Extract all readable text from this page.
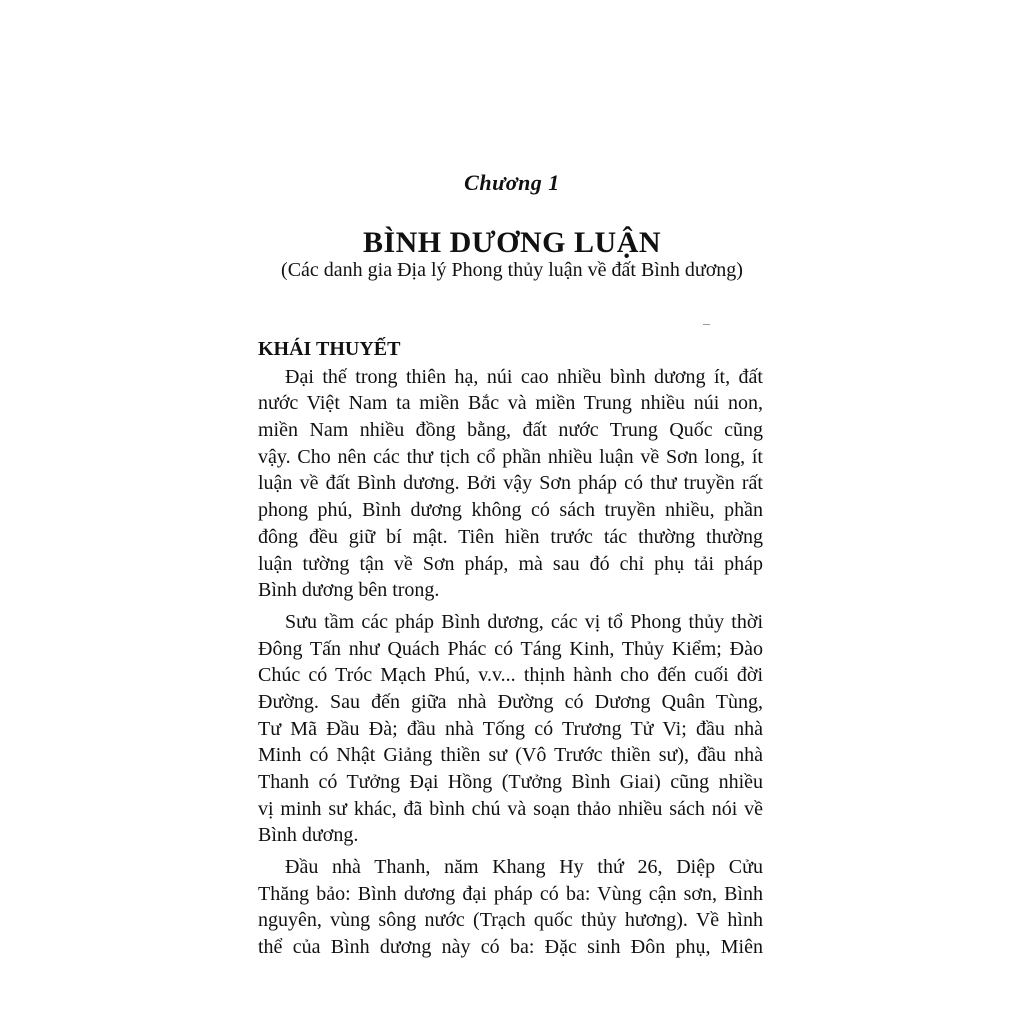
Chương 1
BÌNH DƯƠNG LUẬN
(Các danh gia Địa lý Phong thủy luận về đất Bình dương)
KHÁI THUYẾT
Đại thế trong thiên hạ, núi cao nhiều bình dương ít, đất
nước Việt Nam ta miền Bắc và miền Trung nhiều núi non,
miền Nam nhiều đồng bằng, đất nước Trung Quốc cũng
vậy. Cho nên các thư tịch cổ phần nhiều luận về Sơn long, ít
luận về đất Bình dương. Bởi vậy Sơn pháp có thư truyền rất
phong phú, Bình dương không có sách truyền nhiều, phần
đông đều giữ bí mật. Tiên hiền trước tác thường thường
luận tường tận về Sơn pháp, mà sau đó chỉ phụ tải pháp
Bình dương bên trong.
Sưu tầm các pháp Bình dương, các vị tổ Phong thủy thời
Đông Tấn như Quách Phác có Táng Kinh, Thủy Kiểm; Đào
Chúc có Tróc Mạch Phú, v.v... thịnh hành cho đến cuối đời
Đường. Sau đến giữa nhà Đường có Dương Quân Tùng,
Tư Mã Đầu Đà; đầu nhà Tống có Trương Tử Vi; đầu nhà
Minh có Nhật Giảng thiền sư (Vô Trước thiền sư), đầu nhà
Thanh có Tưởng Đại Hồng (Tưởng Bình Giai) cũng nhiều
vị minh sư khác, đã bình chú và soạn thảo nhiều sách nói về
Bình dương.
Đầu nhà Thanh, năm Khang Hy thứ 26, Diệp Cửu
Thăng bảo: Bình dương đại pháp có ba: Vùng cận sơn, Bình
nguyên, vùng sông nước (Trạch quốc thủy hương). Về hình
thể của Bình dương này có ba: Đặc sinh Đôn phụ, Miên
